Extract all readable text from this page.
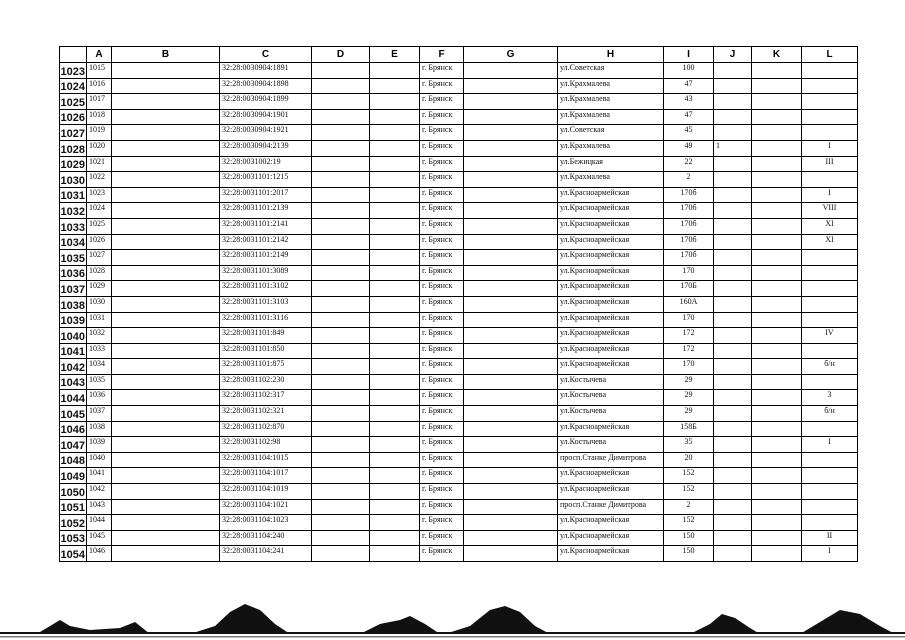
	A	B	C	D	E	F	G	H	I	J	K	L
1023	1015		32:28:0030904:1891			г. Брянск		ул.Советская	100			
1024	1016		32:28:0030904:1898			г. Брянск		ул.Крахмалева	47			
1025	1017		32:28:0030904:1899			г. Брянск		ул.Крахмалева	43			
1026	1018		32:28:0030904:1901			г. Брянск		ул.Крахмалева	47			
1027	1019		32:28:0030904:1921			г. Брянск		ул.Советская	45			
1028	1020		32:28:0030904:2139			г. Брянск		ул.Крахмалева	49	1		I
1029	1021		32:28:0031002:19			г. Брянск		ул.Бежицкая	22			III
1030	1022		32:28:0031101:1215			г. Брянск		ул.Крахмалева	2			
1031	1023		32:28:0031101:2017			г. Брянск		ул.Красноармейская	170б			I
1032	1024		32:28:0031101:2139			г. Брянск		ул.Красноармейская	170б			VIII
1033	1025		32:28:0031101:2141			г. Брянск		ул.Красноармейская	170б			XI
1034	1026		32:28:0031101:2142			г. Брянск		ул.Красноармейская	170б			XI
1035	1027		32:28:0031101:2149			г. Брянск		ул.Красноармейская	170б			
1036	1028		32:28:0031101:3089			г. Брянск		ул.Красноармейская	170			
1037	1029		32:28:0031101:3102			г. Брянск		ул.Красноармейская	170Б			
1038	1030		32:28:0031101:3103			г. Брянск		ул.Красноармейская	160А			
1039	1031		32:28:0031101:3116			г. Брянск		ул.Красноармейская	170			
1040	1032		32:28:0031101:849			г. Брянск		ул.Красноармейская	172			IV
1041	1033		32:28:0031101:850			г. Брянск		ул.Красноармейская	172			
1042	1034		32:28:0031101:875			г. Брянск		ул.Красноармейская	170			б/н
1043	1035		32:28:0031102:230			г. Брянск		ул.Костычева	29			
1044	1036		32:28:0031102:317			г. Брянск		ул.Костычева	29			3
1045	1037		32:28:0031102:321			г. Брянск		ул.Костычева	29			б/н
1046	1038		32:28:0031102:870			г. Брянск		ул.Красноармейская	158Б			
1047	1039		32:28:0031102:98			г. Брянск		ул.Костычева	35			I
1048	1040		32:28:0031104:1015			г. Брянск		просп.Станке Димитрова	20			
1049	1041		32:28:0031104:1017			г. Брянск		ул.Красноармейская	152			
1050	1042		32:28:0031104:1019			г. Брянск		ул.Красноармейская	152			
1051	1043		32:28:0031104:1021			г. Брянск		просп.Станке Димитрова	2			
1052	1044		32:28:0031104:1023			г. Брянск		ул.Красноармейская	152			
1053	1045		32:28:0031104:240			г. Брянск		ул.Красноармейская	150			II
1054	1046		32:28:0031104:241			г. Брянск		ул.Красноармейская	150			I
